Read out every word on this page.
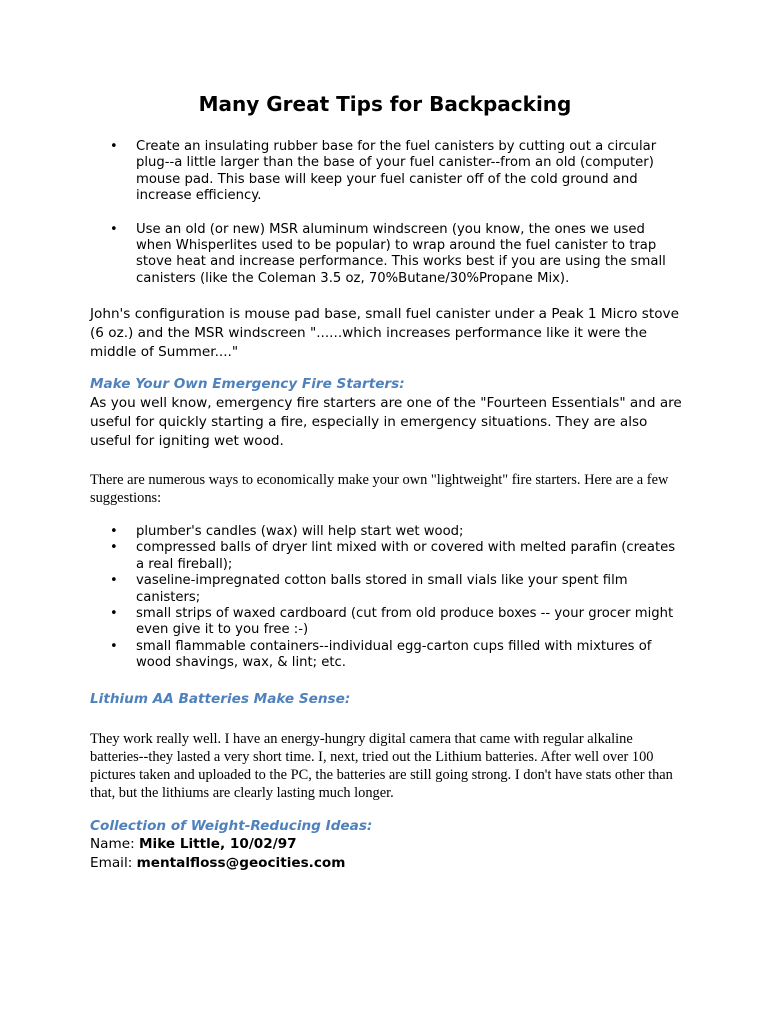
Many Great Tips for Backpacking
• Create an insulating rubber base for the fuel canisters by cutting out a circular plug--a little larger than the base of your fuel canister--from an old (computer) mouse pad. This base will keep your fuel canister off of the cold ground and increase efficiency.
• Use an old (or new) MSR aluminum windscreen (you know, the ones we used when Whisperlites used to be popular) to wrap around the fuel canister to trap stove heat and increase performance. This works best if you are using the small canisters (like the Coleman 3.5 oz, 70%Butane/30%Propane Mix).

John's configuration is mouse pad base, small fuel canister under a Peak 1 Micro stove (6 oz.) and the MSR windscreen "......which increases performance like it were the middle of Summer...."

Make Your Own Emergency Fire Starters:

As you well know, emergency fire starters are one of the "Fourteen Essentials" and are useful for quickly starting a fire, especially in emergency situations. They are also useful for igniting wet wood.

There are numerous ways to economically make your own "lightweight" fire starters. Here are a few suggestions:

• plumber's candles (wax) will help start wet wood;
• compressed balls of dryer lint mixed with or covered with melted parafin (creates a real fireball);
• vaseline-impregnated cotton balls stored in small vials like your spent film canisters;
• small strips of waxed cardboard (cut from old produce boxes -- your grocer might even give it to you free :-)
• small flammable containers--individual egg-carton cups filled with mixtures of wood shavings, wax, & lint; etc.
Lithium AA Batteries Make Sense:

They work really well. I have an energy-hungry digital camera that came with regular alkaline batteries--they lasted a very short time. I, next, tried out the Lithium batteries. After well over 100 pictures taken and uploaded to the PC, the batteries are still going strong. I don't have stats other than that, but the lithiums are clearly lasting much longer.

Collection of Weight-Reducing Ideas:

Name: Mike Little, 10/02/97

Email: mentalfloss@geocities.com
